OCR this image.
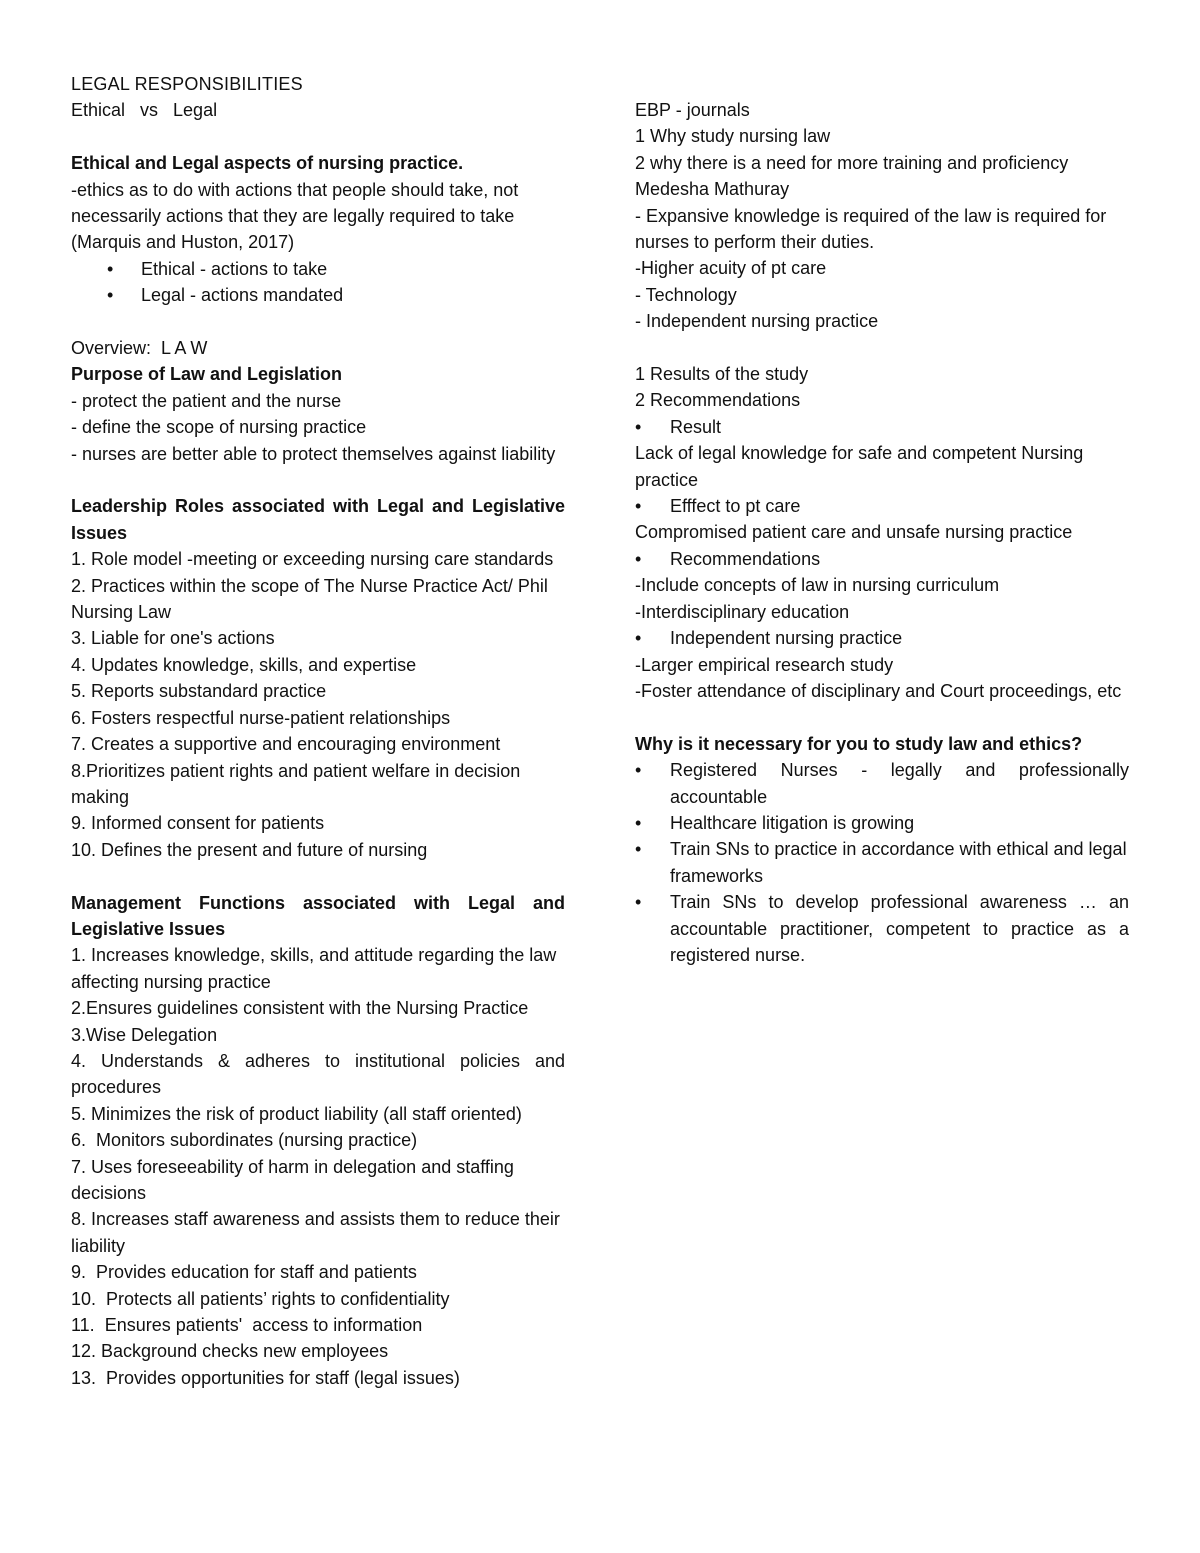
LEGAL RESPONSIBILITIES
Ethical   vs   Legal
Ethical and Legal aspects of nursing practice.
-ethics as to do with actions that people should take, not necessarily actions that they are legally required to take (Marquis and Huston, 2017)
•	Ethical - actions to take
•	Legal - actions mandated
Overview:  L A W
Purpose of Law and Legislation
- protect the patient and the nurse
- define the scope of nursing practice
- nurses are better able to protect themselves against liability
Leadership Roles associated with Legal and Legislative Issues
1. Role model -meeting or exceeding nursing care standards
2. Practices within the scope of The Nurse Practice Act/ Phil Nursing Law
3. Liable for one's actions
4. Updates knowledge, skills, and expertise
5. Reports substandard practice
6. Fosters respectful nurse-patient relationships
7. Creates a supportive and encouraging environment
8.Prioritizes patient rights and patient welfare in decision making
9. Informed consent for patients
10. Defines the present and future of nursing
Management Functions associated with Legal and Legislative Issues
1. Increases knowledge, skills, and attitude regarding the law affecting nursing practice
2.Ensures guidelines consistent with the Nursing Practice
3.Wise Delegation
4. Understands & adheres to institutional policies and procedures
5. Minimizes the risk of product liability (all staff oriented)
6.  Monitors subordinates (nursing practice)
7. Uses foreseeability of harm in delegation and staffing decisions
8. Increases staff awareness and assists them to reduce their liability
9.  Provides education for staff and patients
10.  Protects all patients’ rights to confidentiality
11.  Ensures patients'  access to information
12. Background checks new employees
13.  Provides opportunities for staff (legal issues)
EBP - journals
1 Why study nursing law
2 why there is a need for more training and proficiency
Medesha Mathuray
- Expansive knowledge is required of the law is required for nurses to perform their duties.
-Higher acuity of pt care
- Technology
- Independent nursing practice
1 Results of the study
2 Recommendations
•	Result
Lack of legal knowledge for safe and competent Nursing practice
•	Efffect to pt care
Compromised patient care and unsafe nursing practice
•	Recommendations
-Include concepts of law in nursing curriculum
-Interdisciplinary education
•	Independent nursing practice
-Larger empirical research study
-Foster attendance of disciplinary and Court proceedings, etc
Why is it necessary for you to study law and ethics?
•	Registered Nurses - legally and professionally accountable
•	Healthcare litigation is growing
•	Train SNs to practice in accordance with ethical and legal frameworks
•	Train SNs to develop professional awareness … an accountable practitioner, competent to practice as a registered nurse.
